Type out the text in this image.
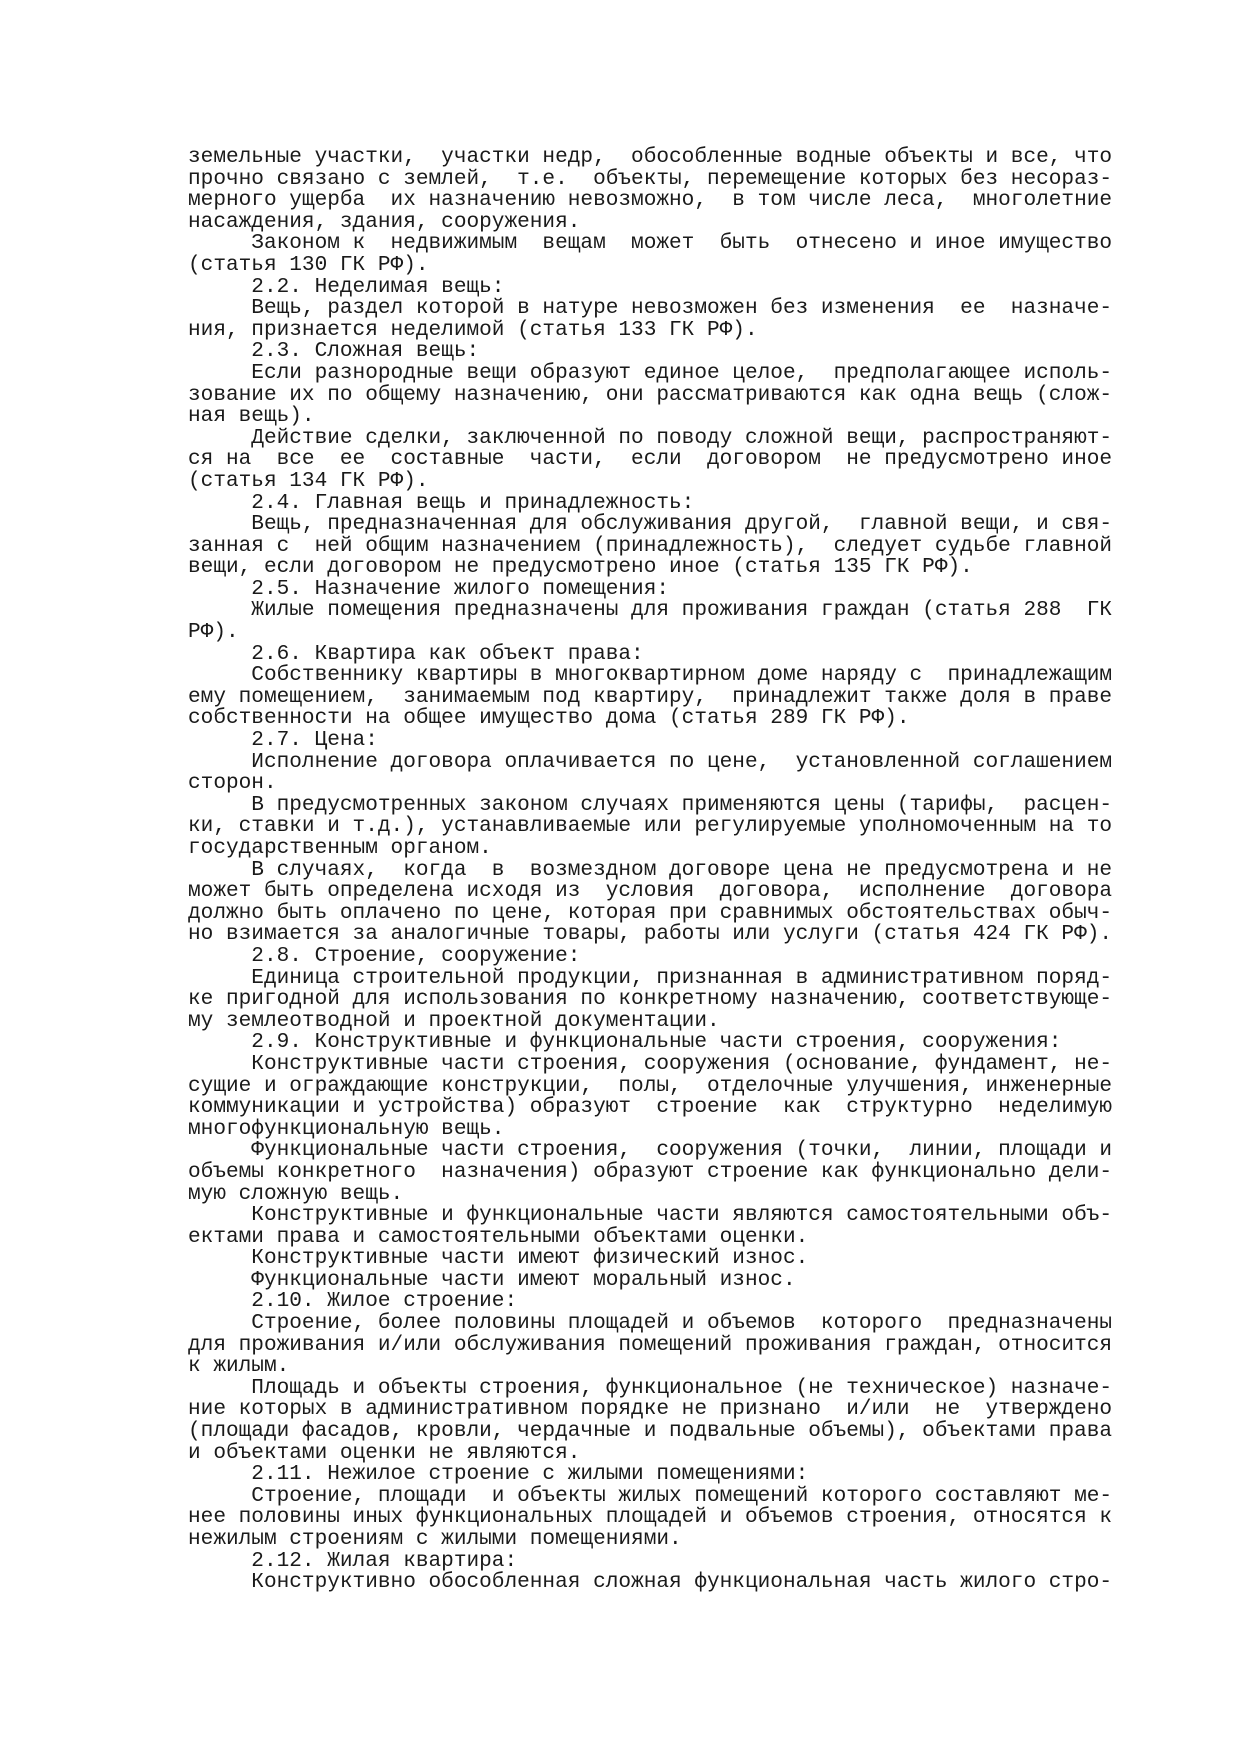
земельные участки,  участки недр,  обособленные водные объекты и все, что
прочно связано с землей,  т.е.  объекты, перемещение которых без несораз-
мерного ущерба  их назначению невозможно,  в том числе леса,  многолетние
насаждения, здания, сооружения.
Законом к  недвижимым  вещам  может  быть  отнесено и иное имущество
(статья 130 ГК РФ).
2.2. Неделимая вещь:
Вещь, раздел которой в натуре невозможен без изменения  ее  назначе-
ния, признается неделимой (статья 133 ГК РФ).
2.3. Сложная вещь:
Если разнородные вещи образуют единое целое,  предполагающее исполь-
зование их по общему назначению, они рассматриваются как одна вещь (слож-
ная вещь).
Действие сделки, заключенной по поводу сложной вещи, распространяют-
ся на  все  ее  составные  части,  если  договором  не предусмотрено иное
(статья 134 ГК РФ).
2.4. Главная вещь и принадлежность:
Вещь, предназначенная для обслуживания другой,  главной вещи, и свя-
занная с  ней общим назначением (принадлежность),  следует судьбе главной
вещи, если договором не предусмотрено иное (статья 135 ГК РФ).
2.5. Назначение жилого помещения:
Жилые помещения предназначены для проживания граждан (статья 288  ГК
РФ).
2.6. Квартира как объект права:
Собственнику квартиры в многоквартирном доме наряду с  принадлежащим
ему помещением,  занимаемым под квартиру,  принадлежит также доля в праве
собственности на общее имущество дома (статья 289 ГК РФ).
2.7. Цена:
Исполнение договора оплачивается по цене,  установленной соглашением
сторон.
В предусмотренных законом случаях применяются цены (тарифы,  расцен-
ки, ставки и т.д.), устанавливаемые или регулируемые уполномоченным на то
государственным органом.
В случаях,  когда  в  возмездном договоре цена не предусмотрена и не
может быть определена исходя из  условия  договора,  исполнение  договора
должно быть оплачено по цене, которая при сравнимых обстоятельствах обыч-
но взимается за аналогичные товары, работы или услуги (статья 424 ГК РФ).
2.8. Строение, сооружение:
Единица строительной продукции, признанная в административном поряд-
ке пригодной для использования по конкретному назначению, соответствующе-
му землеотводной и проектной документации.
2.9. Конструктивные и функциональные части строения, сооружения:
Конструктивные части строения, сооружения (основание, фундамент, не-
сущие и ограждающие конструкции,  полы,  отделочные улучшения, инженерные
коммуникации и устройства) образуют  строение  как  структурно  неделимую
многофункциональную вещь.
Функциональные части строения,  сооружения (точки,  линии, площади и
объемы конкретного  назначения) образуют строение как функционально дели-
мую сложную вещь.
Конструктивные и функциональные части являются самостоятельными объ-
ектами права и самостоятельными объектами оценки.
Конструктивные части имеют физический износ.
Функциональные части имеют моральный износ.
2.10. Жилое строение:
Строение, более половины площадей и объемов  которого  предназначены
для проживания и/или обслуживания помещений проживания граждан, относится
к жилым.
Площадь и объекты строения, функциональное (не техническое) назначе-
ние которых в административном порядке не признано  и/или  не  утверждено
(площади фасадов, кровли, чердачные и подвальные объемы), объектами права
и объектами оценки не являются.
2.11. Нежилое строение с жилыми помещениями:
Строение, площади  и объекты жилых помещений которого составляют ме-
нее половины иных функциональных площадей и объемов строения, относятся к
нежилым строениям с жилыми помещениями.
2.12. Жилая квартира:
Конструктивно обособленная сложная функциональная часть жилого стро-
